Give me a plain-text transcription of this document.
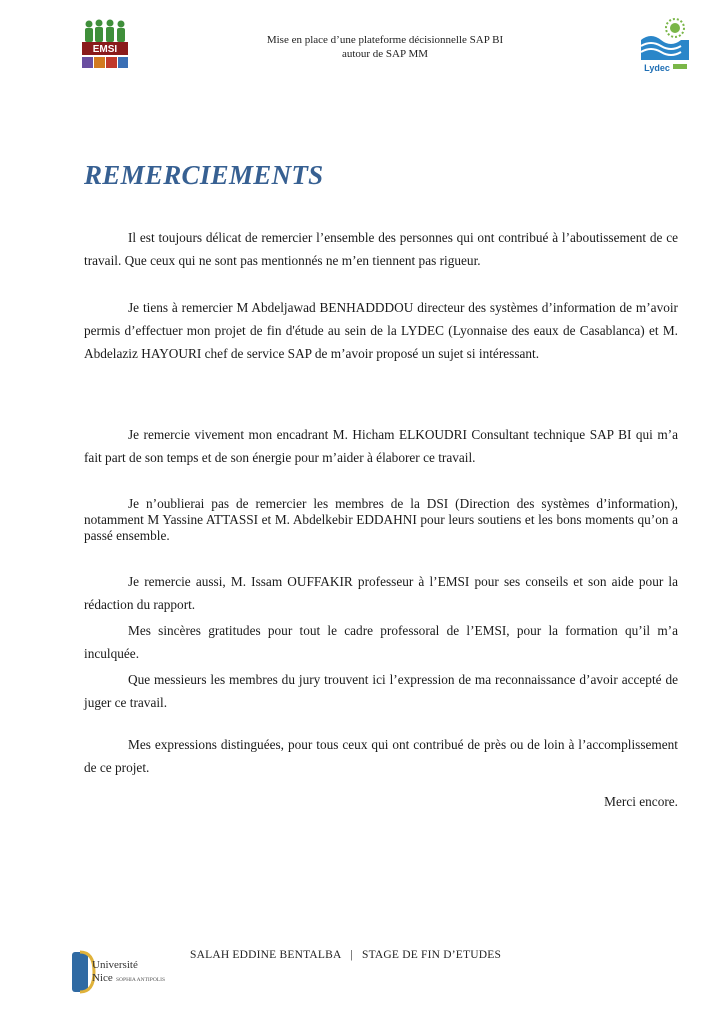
EMSI
Mise en place d’une plateforme décisionnelle SAP BI
autour de SAP MM
Lydec
REMERCIEMENTS

Il est toujours délicat de remercier l’ensemble des personnes qui ont contribué à l’aboutissement de ce travail. Que ceux qui ne sont pas mentionnés ne m’en tiennent pas rigueur.

Je tiens à remercier M Abdeljawad BENHADDDOU directeur des systèmes d’information de m’avoir permis d’effectuer mon projet de fin d'étude au sein de la LYDEC (Lyonnaise des eaux de Casablanca) et M. Abdelaziz HAYOURI chef de service SAP de m’avoir proposé un sujet si intéressant.

Je remercie vivement mon encadrant M. Hicham ELKOUDRI Consultant technique SAP BI qui m’a fait part de son temps et de son énergie pour m’aider à élaborer ce travail.

Je n’oublierai pas de remercier les membres de la DSI (Direction des systèmes d’information), notamment M Yassine ATTASSI et M. Abdelkebir EDDAHNI pour leurs soutiens et les bons moments qu’on a passé ensemble.

Je remercie aussi, M. Issam OUFFAKIR professeur à l’EMSI pour ses conseils et son aide pour la rédaction du rapport.

Mes sincères gratitudes pour tout le cadre professoral de l’EMSI, pour la formation qu’il m’a inculquée.

Que messieurs les membres du jury trouvent ici l’expression de ma reconnaissance d’avoir accepté de juger ce travail.

Mes expressions distinguées, pour tous ceux qui ont contribué de près ou de loin à l’accomplissement de ce projet.

Merci encore.

Université
Nice SOPHIA ANTIPOLIS
SALAH EDDINE BENTALBA | STAGE DE FIN D’ETUDES
